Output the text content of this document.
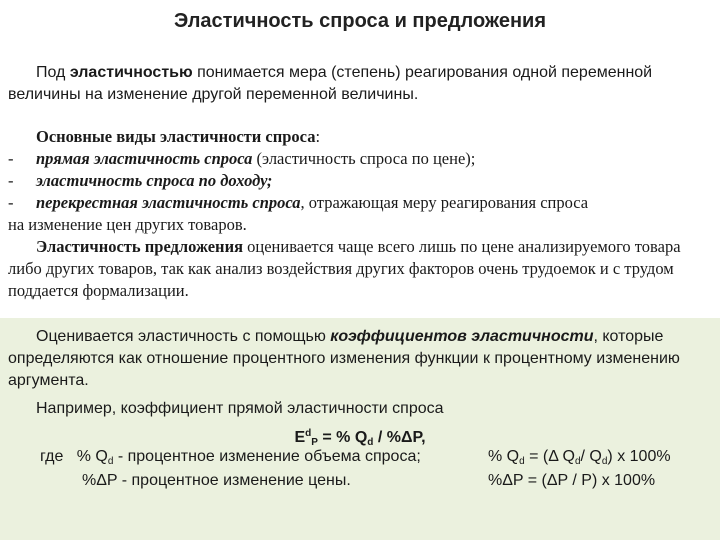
Эластичность спроса и предложения
Под эластичностью понимается мера (степень) реагирования одной переменной величины на изменение другой переменной величины.
Основные виды эластичности спроса:
- прямая эластичность спроса (эластичность спроса по цене);
- эластичность спроса по доходу;
- перекрестная эластичность спроса, отражающая меру реагирования спроса
на изменение цен других товаров.
Эластичность предложения оценивается чаще всего лишь по цене анализируемого товара либо других товаров, так как анализ воздействия других факторов очень трудоемок и с трудом поддается формализации.
Оценивается эластичность с помощью коэффициентов эластичности, которые определяются как отношение процентного изменения функции к процентному изменению аргумента.
Например, коэффициент прямой эластичности спроса
$E^d_P$ = % $Q_d / \%\Delta P$,
где % $Q_d$ - процентное изменение объема спроса;	% $Q_d = (\Delta$ $Q_d/$ $Q_d$) x 100%
%ΔP - процентное изменение цены.	%ΔP = (ΔP / P) x 100%
